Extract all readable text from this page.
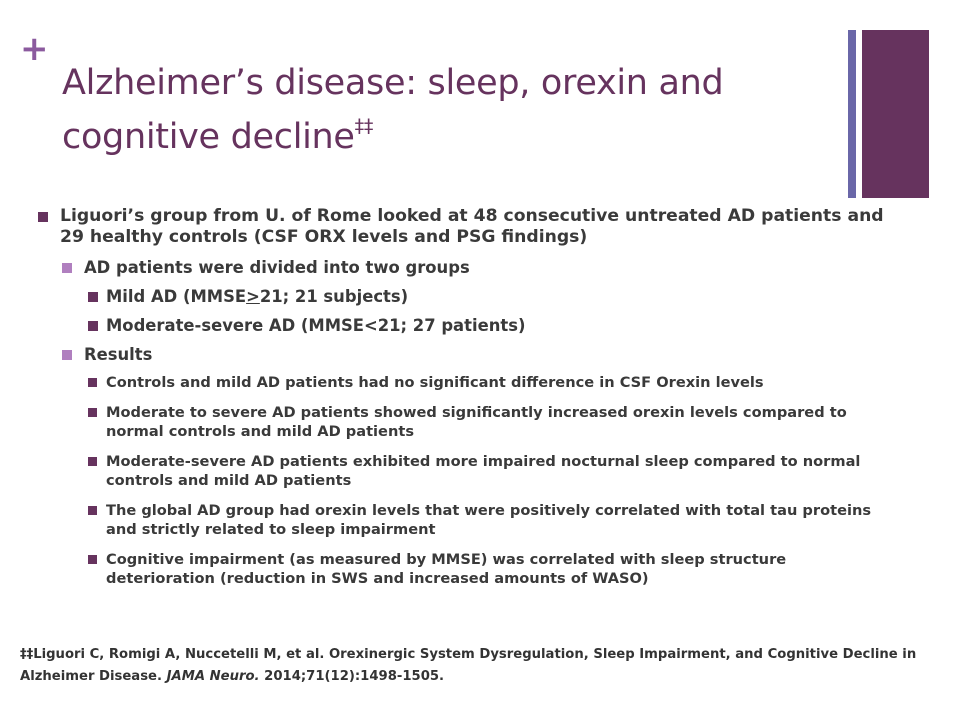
+
Alzheimer’s disease: sleep, orexin and cognitive decline‡‡
Liguori’s group from U. of Rome looked at 48 consecutive untreated AD patients and 29 healthy controls (CSF ORX levels and PSG findings)
AD patients were divided into two groups
Mild AD (MMSE>21; 21 subjects)
Moderate-severe AD (MMSE<21; 27 patients)
Results
Controls and mild AD patients had no significant difference in CSF Orexin levels
Moderate to severe AD patients showed significantly increased orexin levels compared to normal controls and mild AD patients
Moderate-severe AD patients exhibited more impaired nocturnal sleep compared to normal controls and mild AD patients
The global AD group had orexin levels that were positively correlated with total tau proteins and strictly related to sleep impairment
Cognitive impairment (as measured by MMSE) was correlated with sleep structure deterioration (reduction in SWS and increased amounts of WASO)
‡‡Liguori C, Romigi A, Nuccetelli M, et al. Orexinergic System Dysregulation, Sleep Impairment, and Cognitive Decline in Alzheimer Disease. JAMA Neuro. 2014;71(12):1498-1505.
